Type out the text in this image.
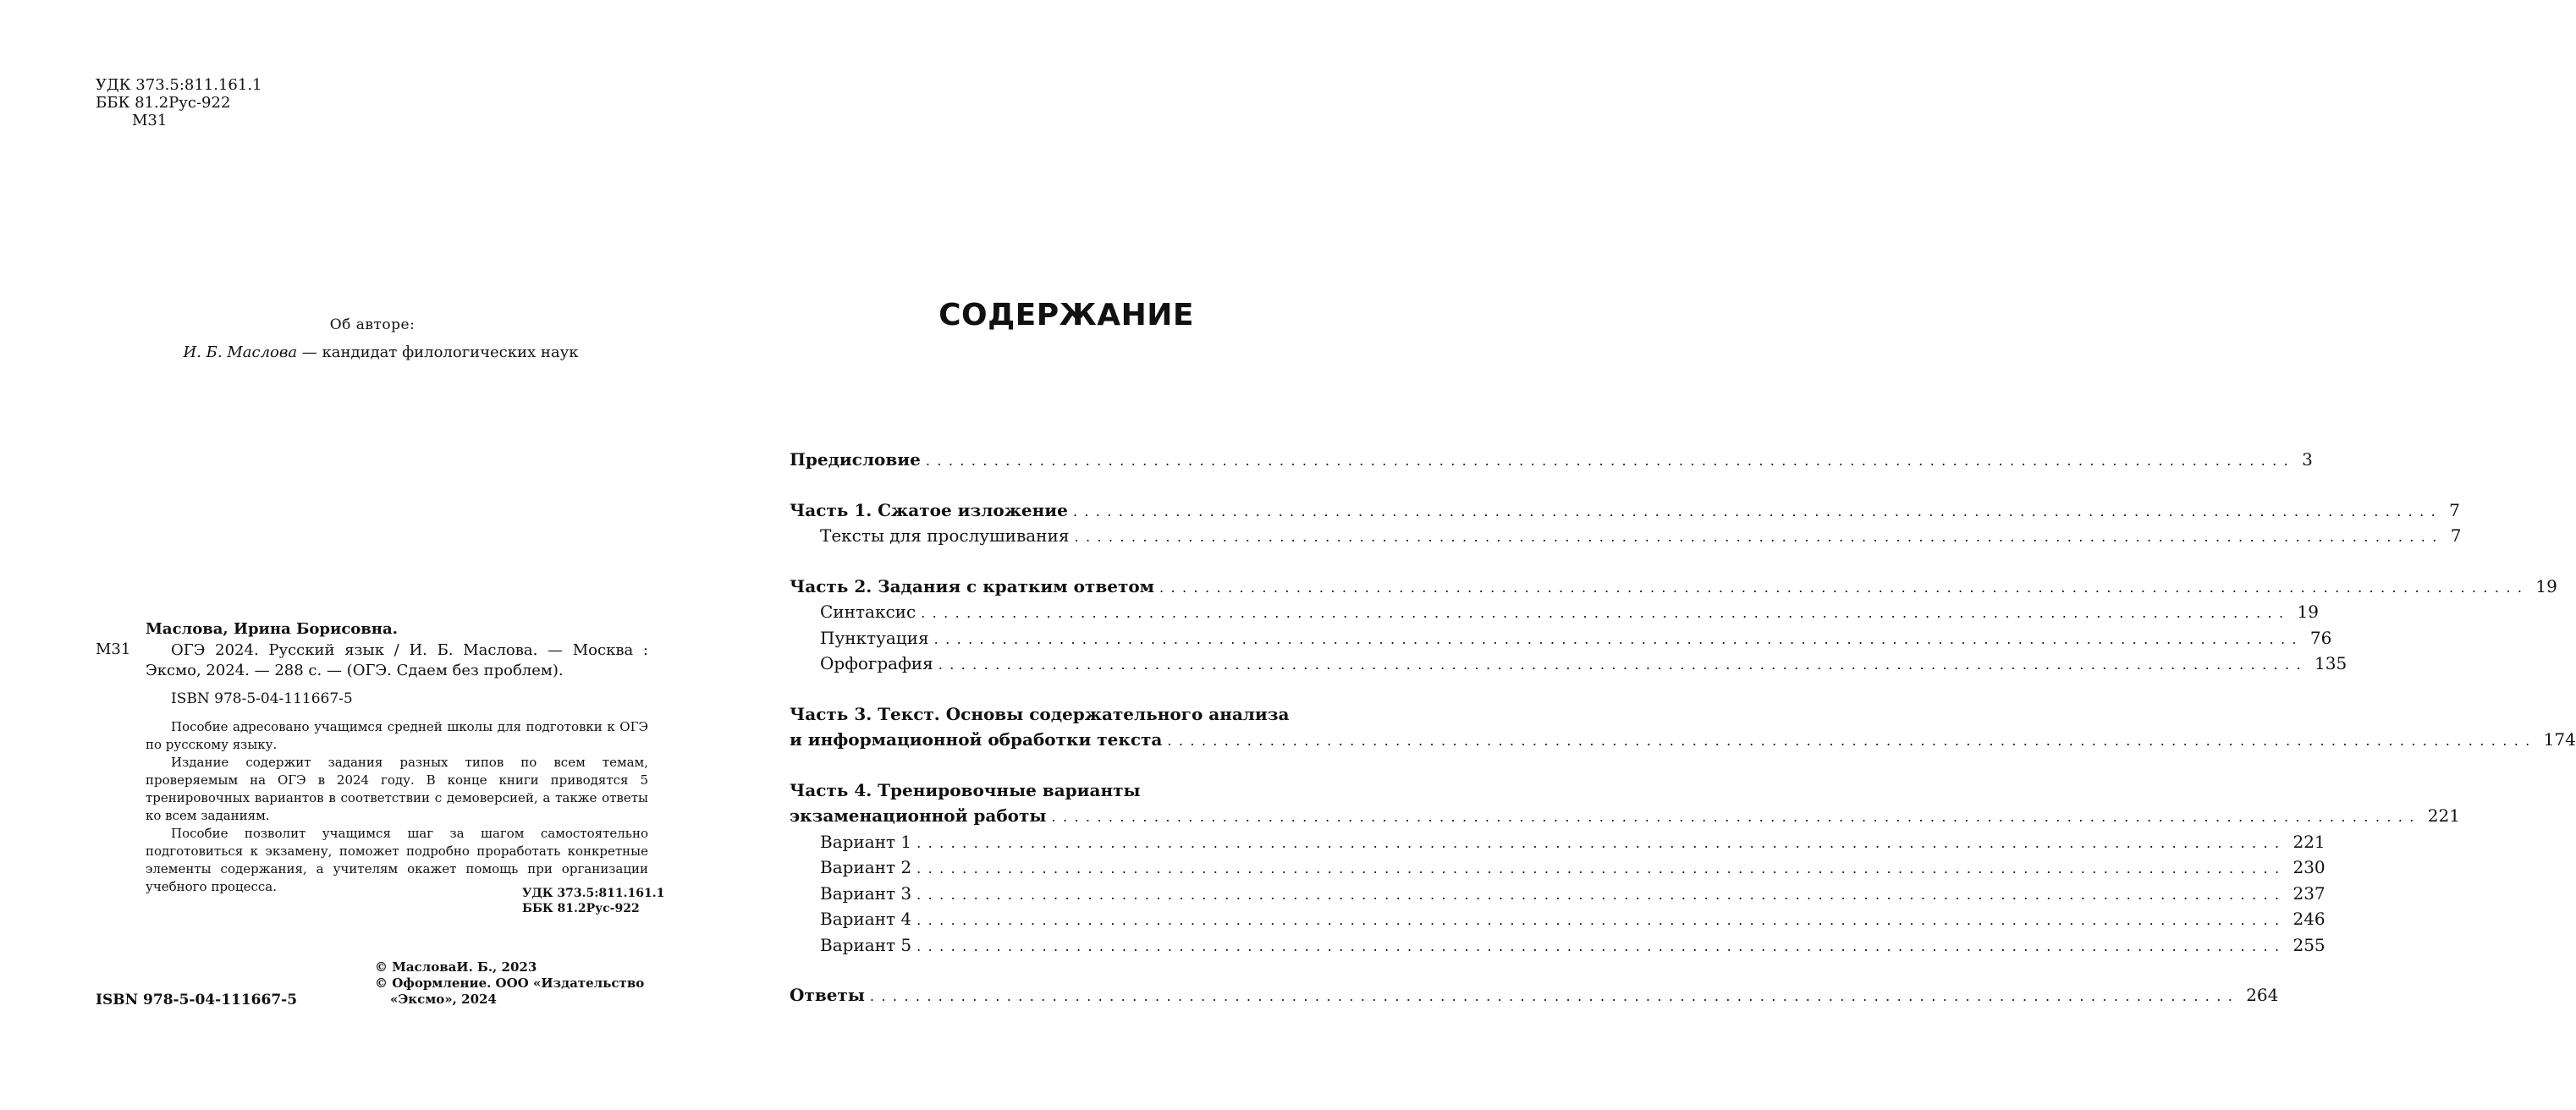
УДК 373.5:811.161.1
ББК 81.2Рус-922
М31
Об авторе:
И. Б. Маслова — кандидат филологических наук
Маслова, Ирина Борисовна.
М31	ОГЭ 2024. Русский язык / И. Б. Маслова. — Москва : Эксмо, 2024. — 288 с. — (ОГЭ. Сдаем без проблем).
ISBN 978-5-04-111667-5

Пособие адресовано учащимся средней школы для подготовки к ОГЭ по русскому языку.

Издание содержит задания разных типов по всем темам, проверяемым на ОГЭ в 2024 году. В конце книги приводятся 5 тренировочных вариантов в соответствии с демоверсией, а также ответы ко всем заданиям.

Пособие позволит учащимся шаг за шагом самостоятельно подготовиться к экзамену, поможет подробно проработать конкретные элементы содержания, а учителям окажет помощь при организации учебного процесса.	УДК 373.5:811.161.1
ББК 81.2Рус-922
© МасловаИ. Б., 2023
© Оформление. ООО «Издательство
«Эксмо», 2024
ISBN 978-5-04-111667-5
СОДЕРЖАНИЕ
Предисловие ........................................................................................................................ 3
Часть 1. Сжатое изложение ........................................................................................................................ 7
Тексты для прослушивания ........................................................................................................................ 7
Часть 2. Задания с кратким ответом ........................................................................................................................ 19
Синтаксис ........................................................................................................................ 19
Пунктуация ........................................................................................................................ 76
Орфография ........................................................................................................................ 135
Часть 3. Текст. Основы содержательного анализа
и информационной обработки текста ........................................................................................................................ 174
Часть 4. Тренировочные варианты
экзаменационной работы ........................................................................................................................ 221
Вариант 1 ........................................................................................................................ 221
Вариант 2 ........................................................................................................................ 230
Вариант 3 ........................................................................................................................ 237
Вариант 4 ........................................................................................................................ 246
Вариант 5 ........................................................................................................................ 255
Ответы ........................................................................................................................ 264
